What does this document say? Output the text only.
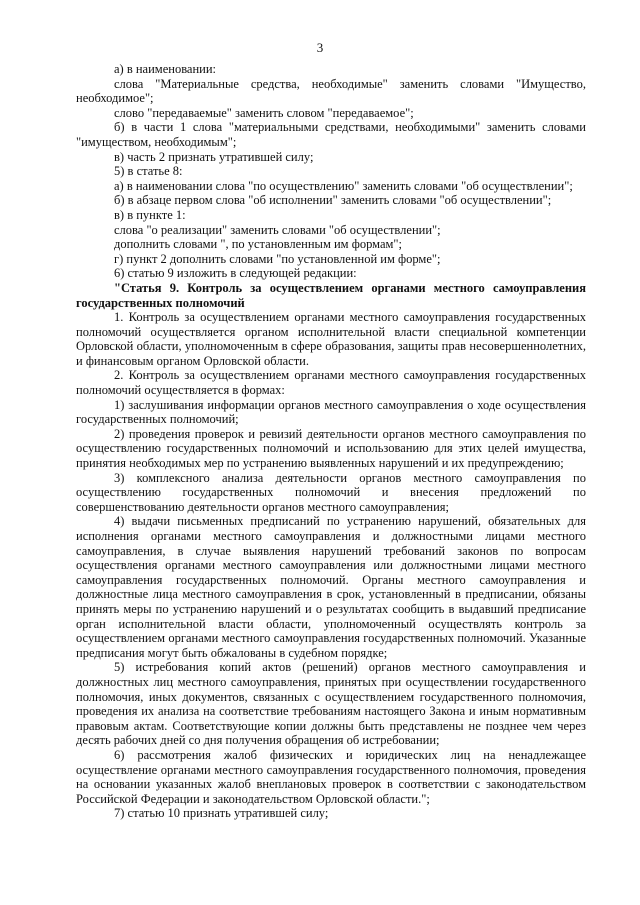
3

а) в наименовании:

слова "Материальные средства, необходимые" заменить словами "Имущество, необходимое";

слово "передаваемые" заменить словом "передаваемое";

б) в части 1 слова "материальными средствами, необходимыми" заменить словами "имуществом, необходимым";

в) часть 2 признать утратившей силу;

5) в статье 8:

а) в наименовании слова "по осуществлению" заменить словами "об осуществлении";

б) в абзаце первом слова "об исполнении" заменить словами "об осуществлении";

в) в пункте 1:

слова "о реализации" заменить словами "об осуществлении";

дополнить словами ", по установленным им формам";

г) пункт 2 дополнить словами "по установленной им форме";

6) статью 9 изложить в следующей редакции:

"Статья 9. Контроль за осуществлением органами местного самоуправления государственных полномочий

1. Контроль за осуществлением органами местного самоуправления государственных полномочий осуществляется органом исполнительной власти специальной компетенции Орловской области, уполномоченным в сфере образования, защиты прав несовершеннолетних, и финансовым органом Орловской области.

2. Контроль за осуществлением органами местного самоуправления государственных полномочий осуществляется в формах:

1) заслушивания информации органов местного самоуправления о ходе осуществления государственных полномочий;

2) проведения проверок и ревизий деятельности органов местного самоуправления по осуществлению государственных полномочий и использованию для этих целей имущества, принятия необходимых мер по устранению выявленных нарушений и их предупреждению;

3) комплексного анализа деятельности органов местного самоуправления по осуществлению государственных полномочий и внесения предложений по совершенствованию деятельности органов местного самоуправления;

4) выдачи письменных предписаний по устранению нарушений, обязательных для исполнения органами местного самоуправления и должностными лицами местного самоуправления, в случае выявления нарушений требований законов по вопросам осуществления органами местного самоуправления или должностными лицами местного самоуправления государственных полномочий. Органы местного самоуправления и должностные лица местного самоуправления в срок, установленный в предписании, обязаны принять меры по устранению нарушений и о результатах сообщить в выдавший предписание орган исполнительной власти области, уполномоченный осуществлять контроль за осуществлением органами местного самоуправления государственных полномочий. Указанные предписания могут быть обжалованы в судебном порядке;

5) истребования копий актов (решений) органов местного самоуправления и должностных лиц местного самоуправления, принятых при осуществлении государственного полномочия, иных документов, связанных с осуществлением государственного полномочия, проведения их анализа на соответствие требованиям настоящего Закона и иным нормативным правовым актам. Соответствующие копии должны быть представлены не позднее чем через десять рабочих дней со дня получения обращения об истребовании;

6) рассмотрения жалоб физических и юридических лиц на ненадлежащее осуществление органами местного самоуправления государственного полномочия, проведения на основании указанных жалоб внеплановых проверок в соответствии с законодательством Российской Федерации и законодательством Орловской области.";

7) статью 10 признать утратившей силу;
